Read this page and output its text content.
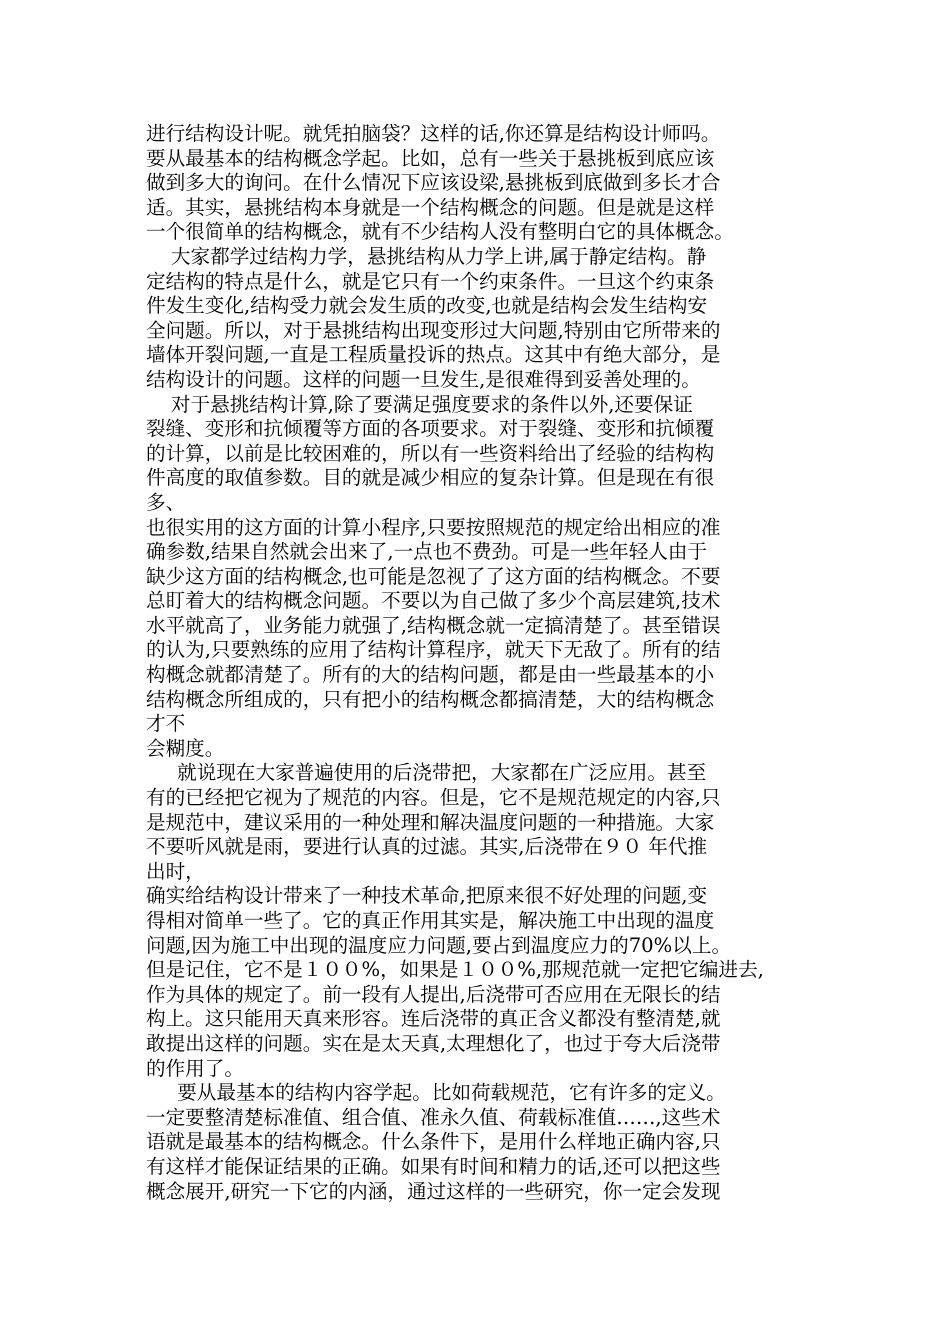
进行结构设计呢。就凭拍脑袋？这样的话,你还算是结构设计师吗。
要从最基本的结构概念学起。比如，总有一些关于悬挑板到底应该
做到多大的询问。在什么情况下应该设梁,悬挑板到底做到多长才合
适。其实，悬挑结构本身就是一个结构概念的问题。但是就是这样
一个很简单的结构概念，就有不少结构人没有整明白它的具体概念。

大家都学过结构力学，悬挑结构从力学上讲,属于静定结构。静
定结构的特点是什么，就是它只有一个约束条件。一旦这个约束条
件发生变化,结构受力就会发生质的改变,也就是结构会发生结构安
全问题。所以，对于悬挑结构出现变形过大问题,特别由它所带来的
墙体开裂问题,一直是工程质量投诉的热点。这其中有绝大部分，是
结构设计的问题。这样的问题一旦发生,是很难得到妥善处理的。

对于悬挑结构计算,除了要满足强度要求的条件以外,还要保证
裂缝、变形和抗倾覆等方面的各项要求。对于裂缝、变形和抗倾覆
的计算，以前是比较困难的，所以有一些资料给出了经验的结构构
件高度的取值参数。目的就是减少相应的复杂计算。但是现在有很
多、
也很实用的这方面的计算小程序,只要按照规范的规定给出相应的准
确参数,结果自然就会出来了,一点也不费劲。可是一些年轻人由于
缺少这方面的结构概念,也可能是忽视了了这方面的结构概念。不要
总盯着大的结构概念问题。不要以为自己做了多少个高层建筑,技术
水平就高了，业务能力就强了,结构概念就一定搞清楚了。甚至错误
的认为,只要熟练的应用了结构计算程序，就天下无敌了。所有的结
构概念就都清楚了。所有的大的结构问题，都是由一些最基本的小
结构概念所组成的，只有把小的结构概念都搞清楚，大的结构概念
才不
会糊度。

就说现在大家普遍使用的后浇带把，大家都在广泛应用。甚至
有的已经把它视为了规范的内容。但是，它不是规范规定的内容,只
是规范中，建议采用的一种处理和解决温度问题的一种措施。大家
不要听风就是雨，要进行认真的过滤。其实,后浇带在９０ 年代推
出时，
确实给结构设计带来了一种技术革命,把原来很不好处理的问题,变
得相对简单一些了。它的真正作用其实是，解决施工中出现的温度
问题,因为施工中出现的温度应力问题,要占到温度应力的70%以上。
但是记住，它不是１００%，如果是１００%,那规范就一定把它编进去,
作为具体的规定了。前一段有人提出,后浇带可否应用在无限长的结
构上。这只能用天真来形容。连后浇带的真正含义都没有整清楚,就
敢提出这样的问题。实在是太天真,太理想化了，也过于夸大后浇带
的作用了。

要从最基本的结构内容学起。比如荷载规范，它有许多的定义。
一定要整清楚标准值、组合值、准永久值、荷载标准值……,这些术
语就是最基本的结构概念。什么条件下，是用什么样地正确内容,只
有这样才能保证结果的正确。如果有时间和精力的话,还可以把这些
概念展开,研究一下它的内涵，通过这样的一些研究，你一定会发现
